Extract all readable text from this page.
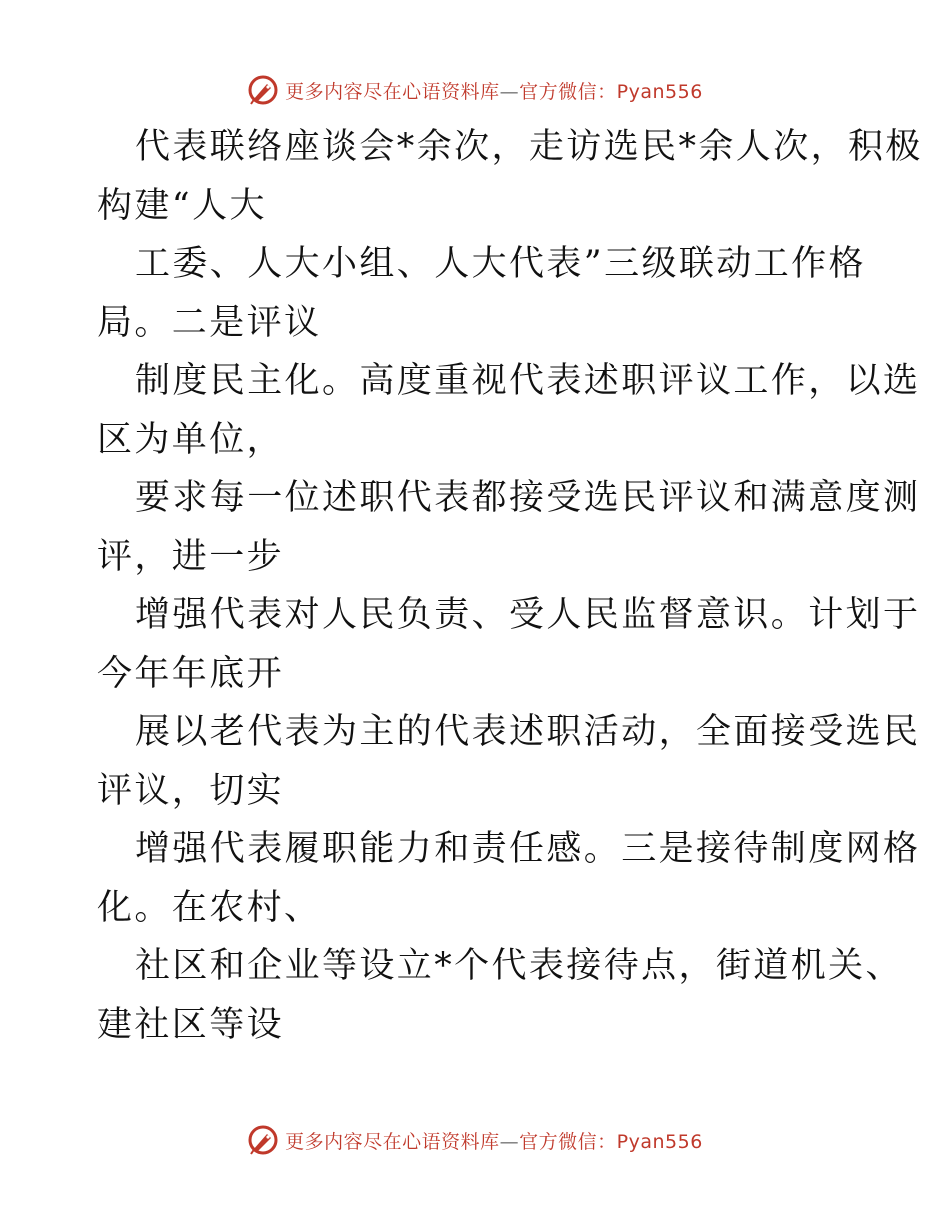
更多内容尽在心语资料库—官方微信：Pyan556
代表联络座谈会*余次，走访选民*余人次，积极
构建“人大
工委、人大小组、人大代表”三级联动工作格
局。二是评议
制度民主化。高度重视代表述职评议工作，以选
区为单位，
要求每一位述职代表都接受选民评议和满意度测
评，进一步
增强代表对人民负责、受人民监督意识。计划于
今年年底开
展以老代表为主的代表述职活动，全面接受选民
评议，切实
增强代表履职能力和责任感。三是接待制度网格
化。在农村、
社区和企业等设立*个代表接待点，街道机关、
建社区等设
更多内容尽在心语资料库—官方微信：Pyan556
